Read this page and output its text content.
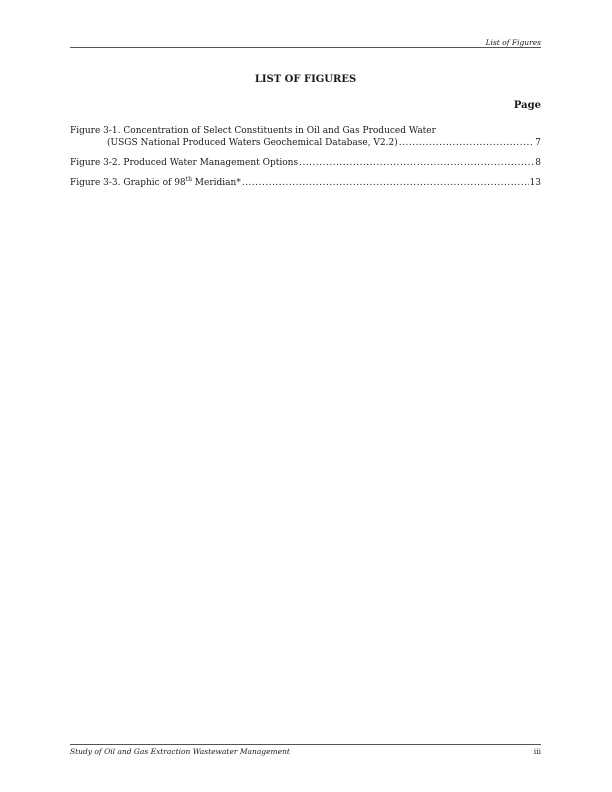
List of Figures
LIST OF FIGURES
Page
Figure 3-1. Concentration of Select Constituents in Oil and Gas Produced Water
(USGS National Produced Waters Geochemical Database, V2.2) .....	7
Figure 3-2. Produced Water Management Options .....	8
Figure 3-3. Graphic of 98th Meridian* .....	13
Study of Oil and Gas Extraction Wastewater Management	iii
